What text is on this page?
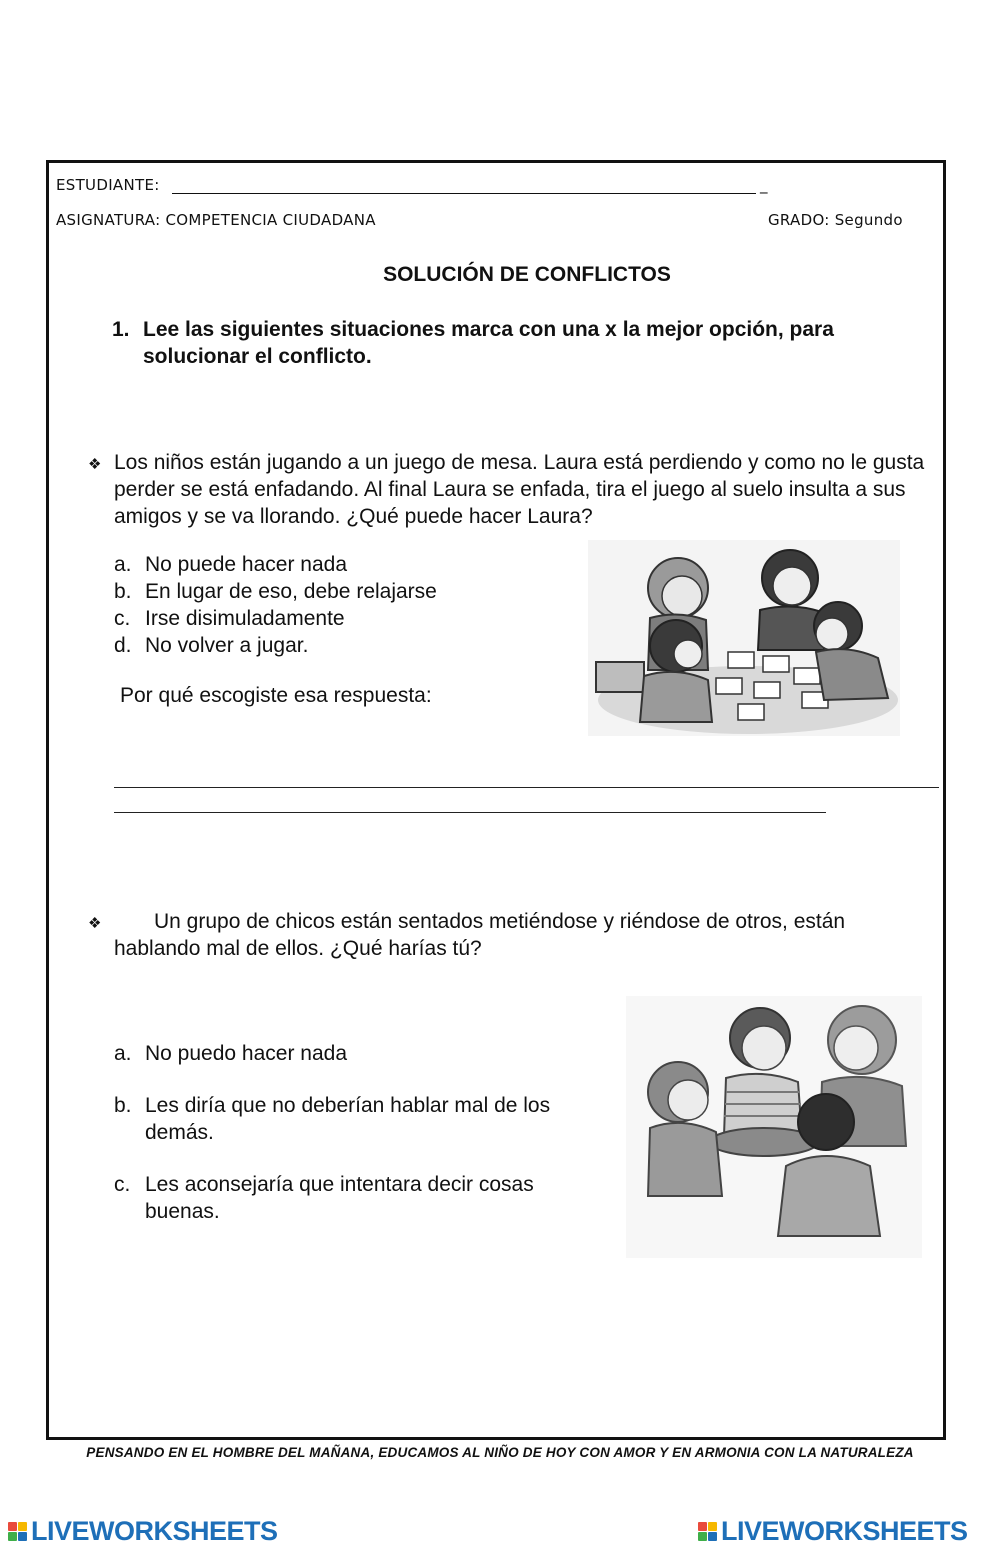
ESTUDIANTE:	_
ASIGNATURA: COMPETENCIA CIUDADANA	GRADO: Segundo
SOLUCIÓN DE CONFLICTOS
1. Lee las siguientes situaciones marca con una x la mejor opción, para solucionar el conflicto.
❖ Los niños están jugando a un juego de mesa. Laura está perdiendo y como no le gusta perder se está enfadando. Al final Laura se enfada, tira el juego al suelo insulta a sus amigos y se va llorando. ¿Qué puede hacer Laura?
a. No puede hacer nada
b. En lugar de eso, debe relajarse
c. Irse disimuladamente
d. No volver a jugar.
Por qué escogiste esa respuesta:
❖	Un grupo de chicos están sentados metiéndose y riéndose de otros, están hablando mal de ellos. ¿Qué harías tú?
a. No puedo hacer nada
b. Les diría que no deberían hablar mal de los demás.
c. Les aconsejaría que intentara decir cosas buenas.
PENSANDO EN EL HOMBRE DEL MAÑANA, EDUCAMOS AL NIÑO DE HOY CON AMOR Y EN ARMONIA CON LA NATURALEZA
LIVEWORKSHEETS	LIVEWORKSHEETS
